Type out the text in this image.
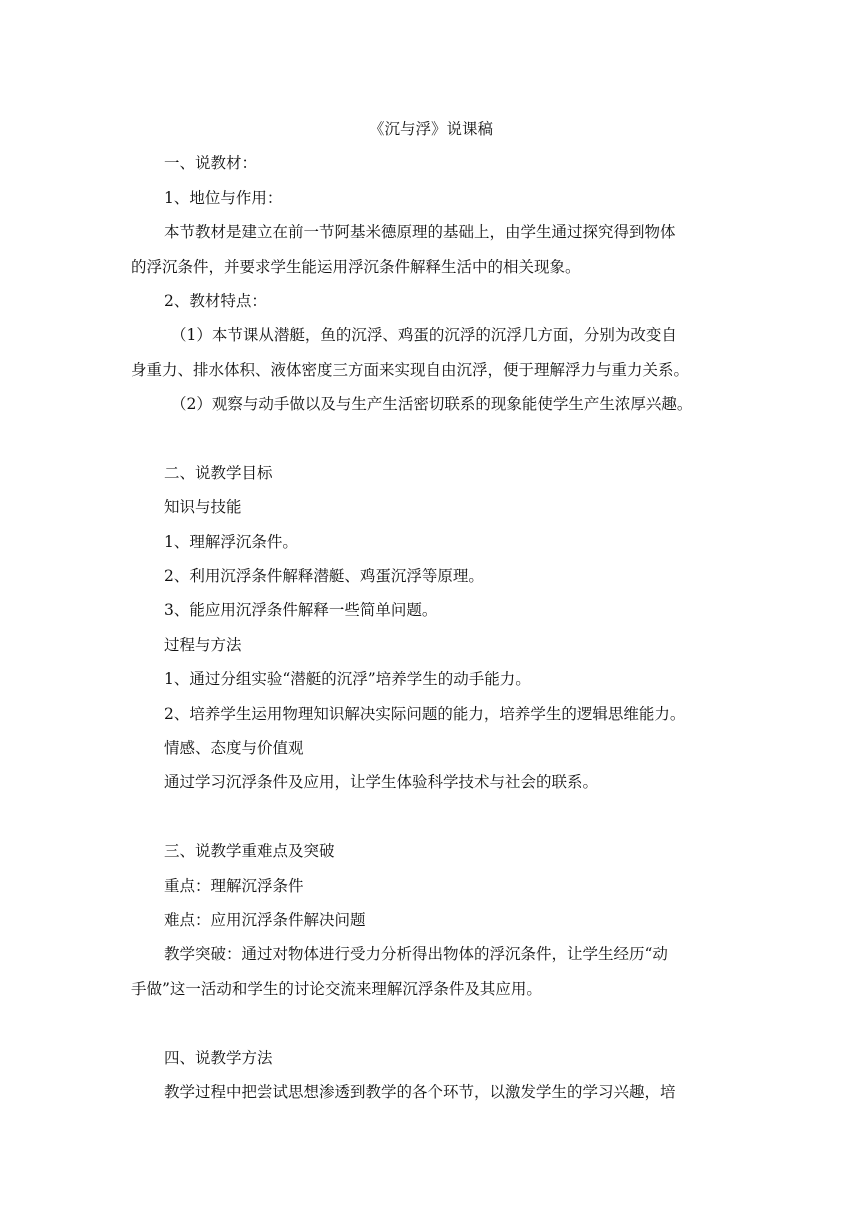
《沉与浮》说课稿
一、说教材：
1、地位与作用：
本节教材是建立在前一节阿基米德原理的基础上，由学生通过探究得到物体
的浮沉条件，并要求学生能运用浮沉条件解释生活中的相关现象。
2、教材特点：
（1）本节课从潜艇，鱼的沉浮、鸡蛋的沉浮的沉浮几方面，分别为改变自
身重力、排水体积、液体密度三方面来实现自由沉浮，便于理解浮力与重力关系。
（2）观察与动手做以及与生产生活密切联系的现象能使学生产生浓厚兴趣。
二、说教学目标
知识与技能
1、理解浮沉条件。
2、利用沉浮条件解释潜艇、鸡蛋沉浮等原理。
3、能应用沉浮条件解释一些简单问题。
过程与方法
1、通过分组实验“潜艇的沉浮”培养学生的动手能力。
2、培养学生运用物理知识解决实际问题的能力，培养学生的逻辑思维能力。
情感、态度与价值观
通过学习沉浮条件及应用，让学生体验科学技术与社会的联系。
三、说教学重难点及突破
重点：理解沉浮条件
难点：应用沉浮条件解决问题
教学突破：通过对物体进行受力分析得出物体的浮沉条件，让学生经历“动
手做”这一活动和学生的讨论交流来理解沉浮条件及其应用。
四、说教学方法
教学过程中把尝试思想渗透到教学的各个环节，以激发学生的学习兴趣，培
